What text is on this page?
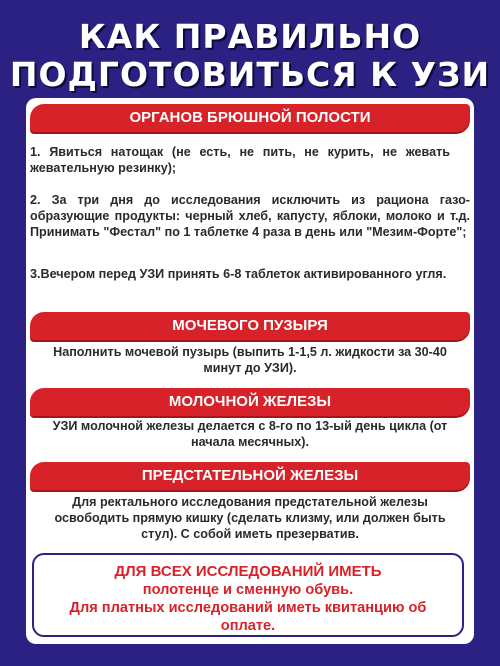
КАК ПРАВИЛЬНО
ПОДГОТОВИТЬСЯ К УЗИ
ОРГАНОВ БРЮШНОЙ ПОЛОСТИ
1. Явиться натощак (не есть, не пить, не курить, не жевать жевательную резинку);
2. За три дня до исследования исключить из рациона газо-образующие продукты: черный хлеб, капусту, яблоки, молоко и т.д. Принимать "Фестал" по 1 таблетке 4 раза в день или "Мезим-Форте";
3.Вечером перед УЗИ принять 6-8 таблеток активированного угля.
МОЧЕВОГО ПУЗЫРЯ
Наполнить мочевой пузырь (выпить 1-1,5 л. жидкости за 30-40 минут до УЗИ).
МОЛОЧНОЙ ЖЕЛЕЗЫ
УЗИ молочной железы делается с 8-го по 13-ый день цикла (от начала месячных).
ПРЕДСТАТЕЛЬНОЙ ЖЕЛЕЗЫ
Для ректального исследования предстательной железы освободить прямую кишку (сделать клизму, или должен быть стул). С собой иметь презерватив.
ДЛЯ ВСЕХ ИССЛЕДОВАНИЙ ИМЕТЬ
полотенце и сменную обувь.
Для платных исследований иметь квитанцию об оплате.
